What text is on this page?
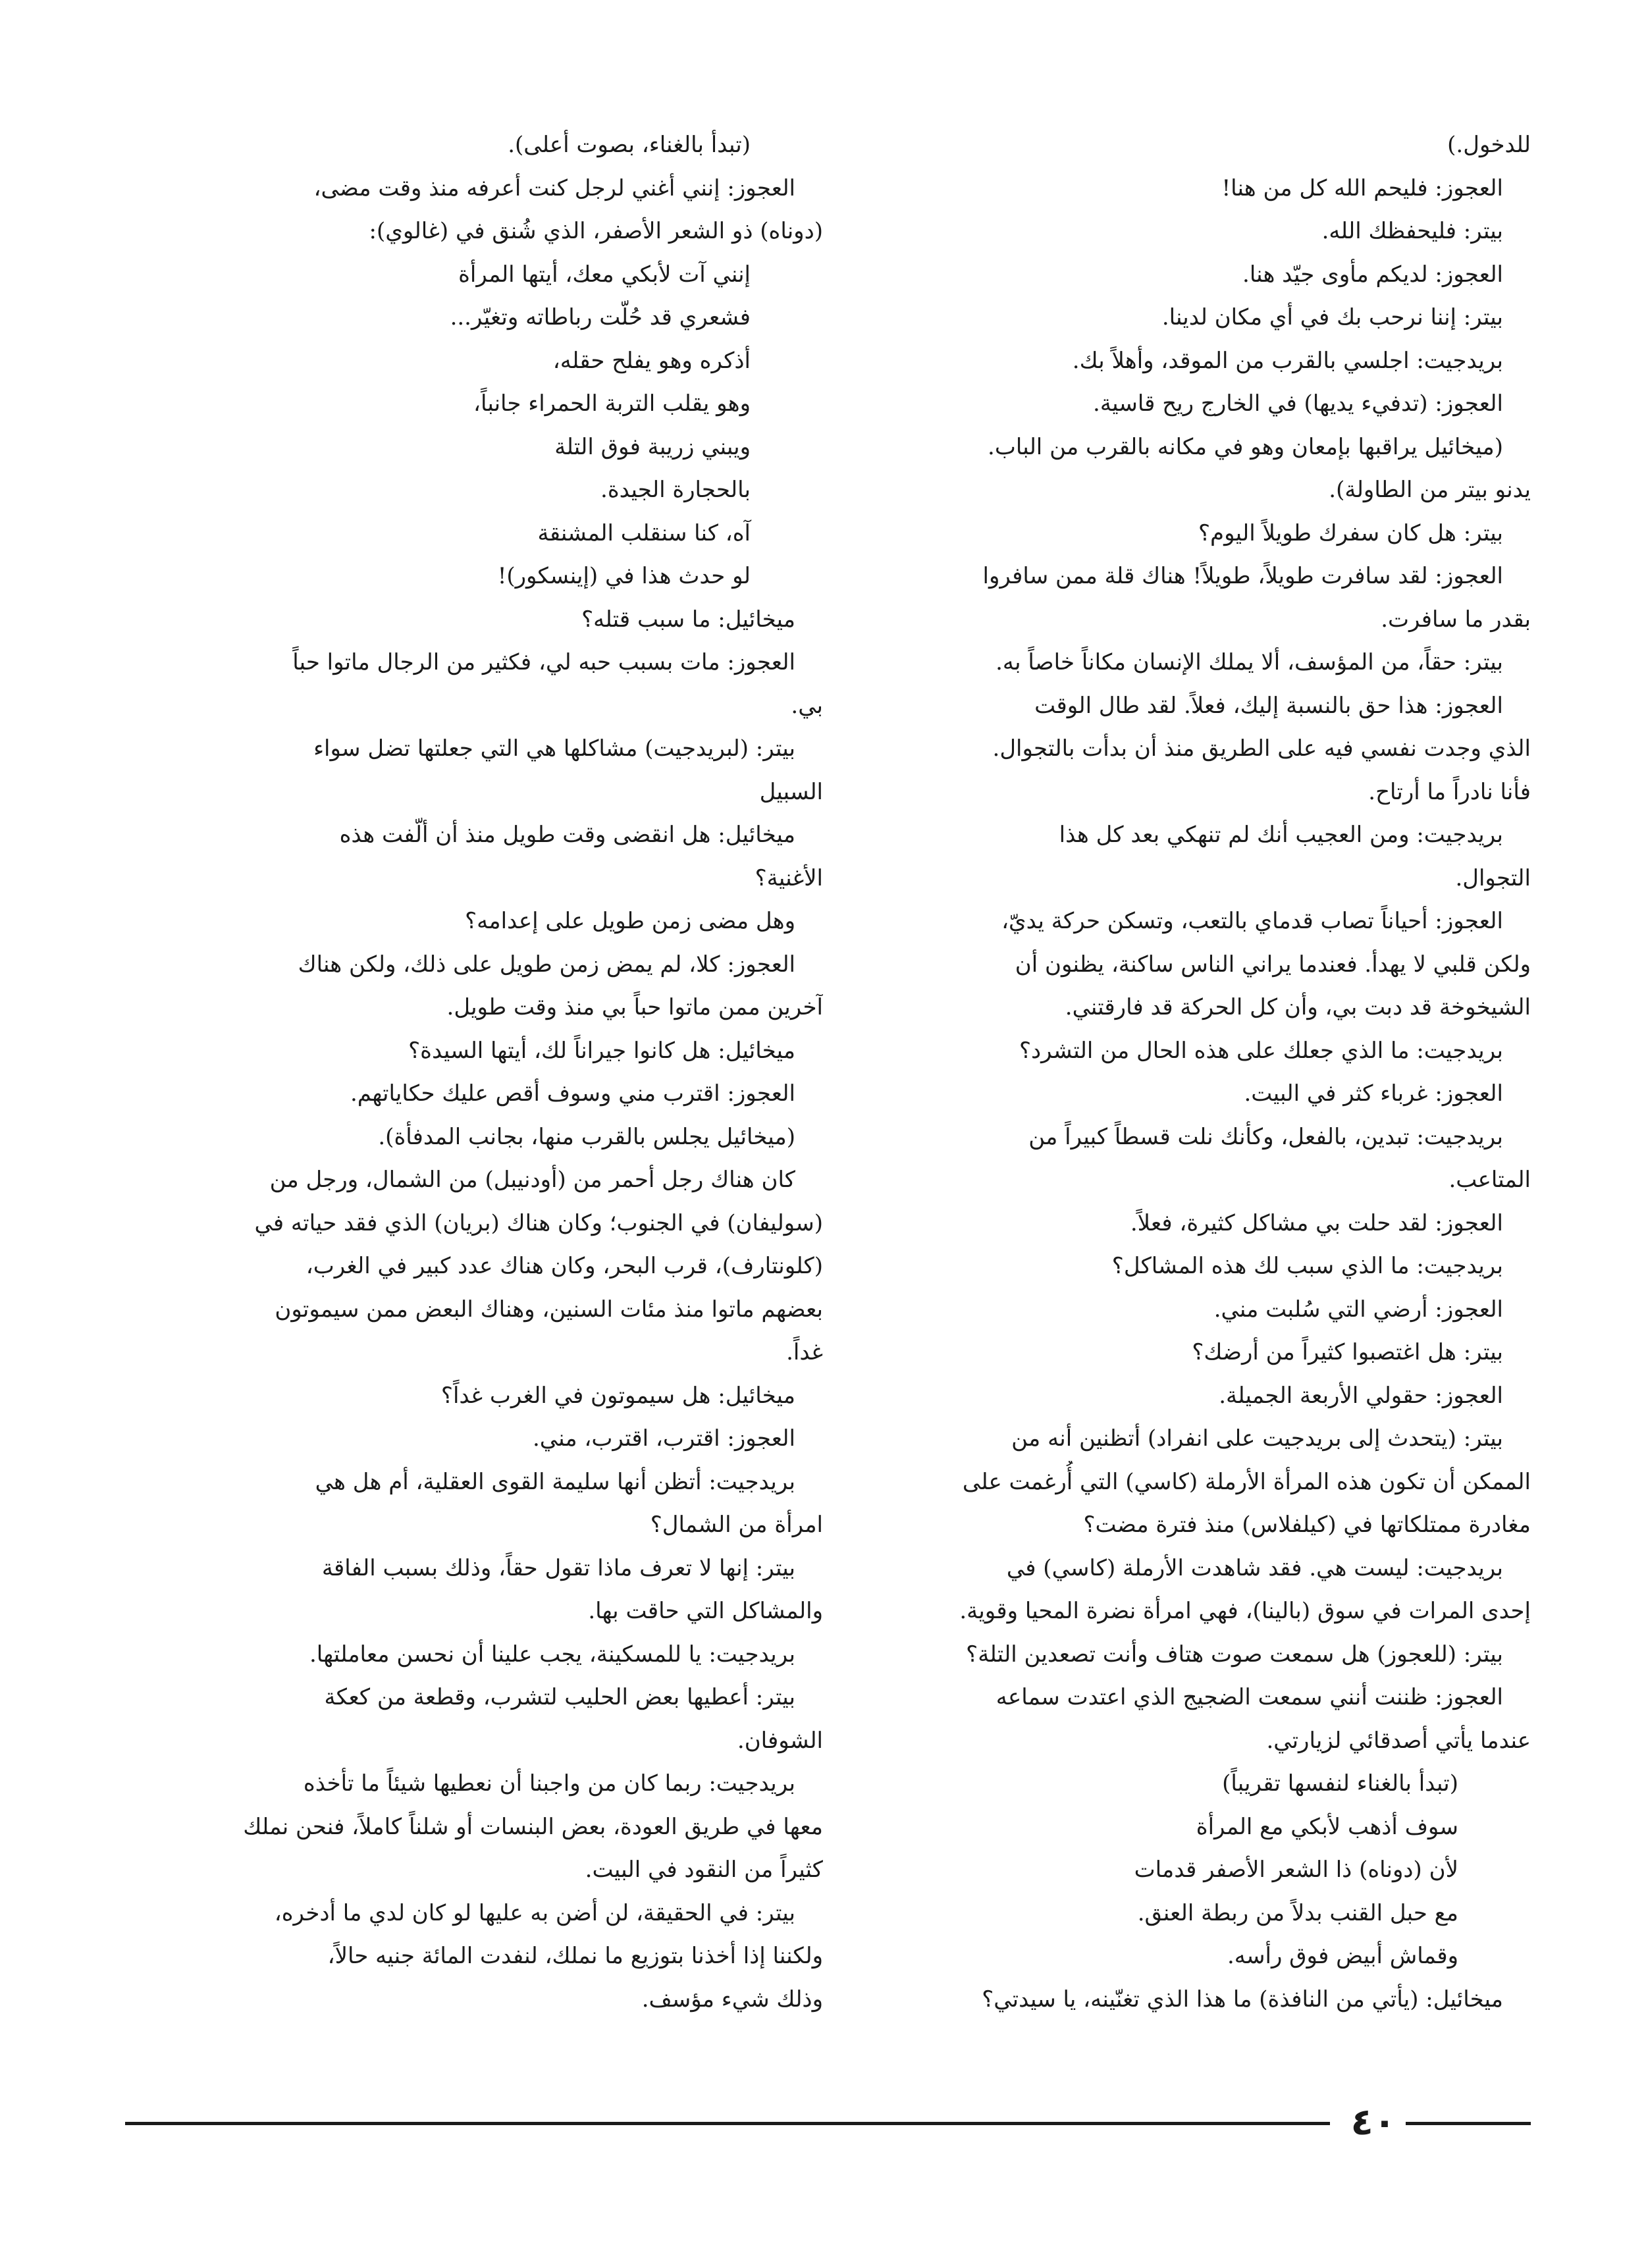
للدخول.)
العجوز: فليحم الله كل من هنا!
بيتر: فليحفظك الله.
العجوز: لديكم مأوى جيّد هنا.
بيتر: إننا نرحب بك في أي مكان لدينا.
بريدجيت: اجلسي بالقرب من الموقد، وأهلاً بك.
العجوز: (تدفيء يديها) في الخارج ريح قاسية.
(ميخائيل يراقبها بإمعان وهو في مكانه بالقرب من الباب.
يدنو بيتر من الطاولة).
بيتر: هل كان سفرك طويلاً اليوم؟
العجوز: لقد سافرت طويلاً، طويلاً! هناك قلة ممن سافروا
بقدر ما سافرت.
بيتر: حقاً، من المؤسف، ألا يملك الإنسان مكاناً خاصاً به.
العجوز: هذا حق بالنسبة إليك، فعلاً. لقد طال الوقت
الذي وجدت نفسي فيه على الطريق منذ أن بدأت بالتجوال.
فأنا نادراً ما أرتاح.
بريدجيت: ومن العجيب أنك لم تنهكي بعد كل هذا
التجوال.
العجوز: أحياناً تصاب قدماي بالتعب، وتسكن حركة يديّ،
ولكن قلبي لا يهدأ. فعندما يراني الناس ساكنة، يظنون أن
الشيخوخة قد دبت بي، وأن كل الحركة قد فارقتني.
بريدجيت: ما الذي جعلك على هذه الحال من التشرد؟
العجوز: غرباء كثر في البيت.
بريدجيت: تبدين، بالفعل، وكأنك نلت قسطاً كبيراً من
المتاعب.
العجوز: لقد حلت بي مشاكل كثيرة، فعلاً.
بريدجيت: ما الذي سبب لك هذه المشاكل؟
العجوز: أرضي التي سُلبت مني.
بيتر: هل اغتصبوا كثيراً من أرضك؟
العجوز: حقولي الأربعة الجميلة.
بيتر: (يتحدث إلى بريدجيت على انفراد) أتظنين أنه من
الممكن أن تكون هذه المرأة الأرملة (كاسي) التي أُرغمت على
مغادرة ممتلكاتها في (كيلفلاس) منذ فترة مضت؟
بريدجيت: ليست هي. فقد شاهدت الأرملة (كاسي) في
إحدى المرات في سوق (بالينا)، فهي امرأة نضرة المحيا وقوية.
بيتر: (للعجوز) هل سمعت صوت هتاف وأنت تصعدين التلة؟
العجوز: ظننت أنني سمعت الضجيج الذي اعتدت سماعه
عندما يأتي أصدقائي لزيارتي.
(تبدأ بالغناء لنفسها تقريباً)
سوف أذهب لأبكي مع المرأة
لأن (دوناه) ذا الشعر الأصفر قدمات
مع حبل القنب بدلاً من ربطة العنق.
وقماش أبيض فوق رأسه.
ميخائيل: (يأتي من النافذة) ما هذا الذي تغنّينه، يا سيدتي؟
(تبدأ بالغناء، بصوت أعلى).
العجوز: إنني أغني لرجل كنت أعرفه منذ وقت مضى،
(دوناه) ذو الشعر الأصفر، الذي شُنق في (غالوي):
إنني آت لأبكي معك، أيتها المرأة
فشعري قد حُلّت رباطاته وتغيّر...
أذكره وهو يفلح حقله،
وهو يقلب التربة الحمراء جانباً،
ويبني زريبة فوق التلة
بالحجارة الجيدة.
آه، كنا سنقلب المشنقة
لو حدث هذا في (إينسكور)!
ميخائيل: ما سبب قتله؟
العجوز: مات بسبب حبه لي، فكثير من الرجال ماتوا حباً
بي.
بيتر: (لبريدجيت) مشاكلها هي التي جعلتها تضل سواء
السبيل
ميخائيل: هل انقضى وقت طويل منذ أن ألّفت هذه
الأغنية؟
وهل مضى زمن طويل على إعدامه؟
العجوز: كلا، لم يمض زمن طويل على ذلك، ولكن هناك
آخرين ممن ماتوا حباً بي منذ وقت طويل.
ميخائيل: هل كانوا جيراناً لك، أيتها السيدة؟
العجوز: اقترب مني وسوف أقص عليك حكاياتهم.
(ميخائيل يجلس بالقرب منها، بجانب المدفأة).
كان هناك رجل أحمر من (أودنيبل) من الشمال، ورجل من
(سوليفان) في الجنوب؛ وكان هناك (بريان) الذي فقد حياته في
(كلونتارف)، قرب البحر، وكان هناك عدد كبير في الغرب،
بعضهم ماتوا منذ مئات السنين، وهناك البعض ممن سيموتون
غداً.
ميخائيل: هل سيموتون في الغرب غداً؟
العجوز: اقترب، اقترب، مني.
بريدجيت: أتظن أنها سليمة القوى العقلية، أم هل هي
امرأة من الشمال؟
بيتر: إنها لا تعرف ماذا تقول حقاً، وذلك بسبب الفاقة
والمشاكل التي حاقت بها.
بريدجيت: يا للمسكينة، يجب علينا أن نحسن معاملتها.
بيتر: أعطيها بعض الحليب لتشرب، وقطعة من كعكة
الشوفان.
بريدجيت: ربما كان من واجبنا أن نعطيها شيئاً ما تأخذه
معها في طريق العودة، بعض البنسات أو شلناً كاملاً، فنحن نملك
كثيراً من النقود في البيت.
بيتر: في الحقيقة، لن أضن به عليها لو كان لدي ما أدخره،
ولكننا إذا أخذنا بتوزيع ما نملك، لنفدت المائة جنيه حالاً،
وذلك شيء مؤسف.
٤٠
